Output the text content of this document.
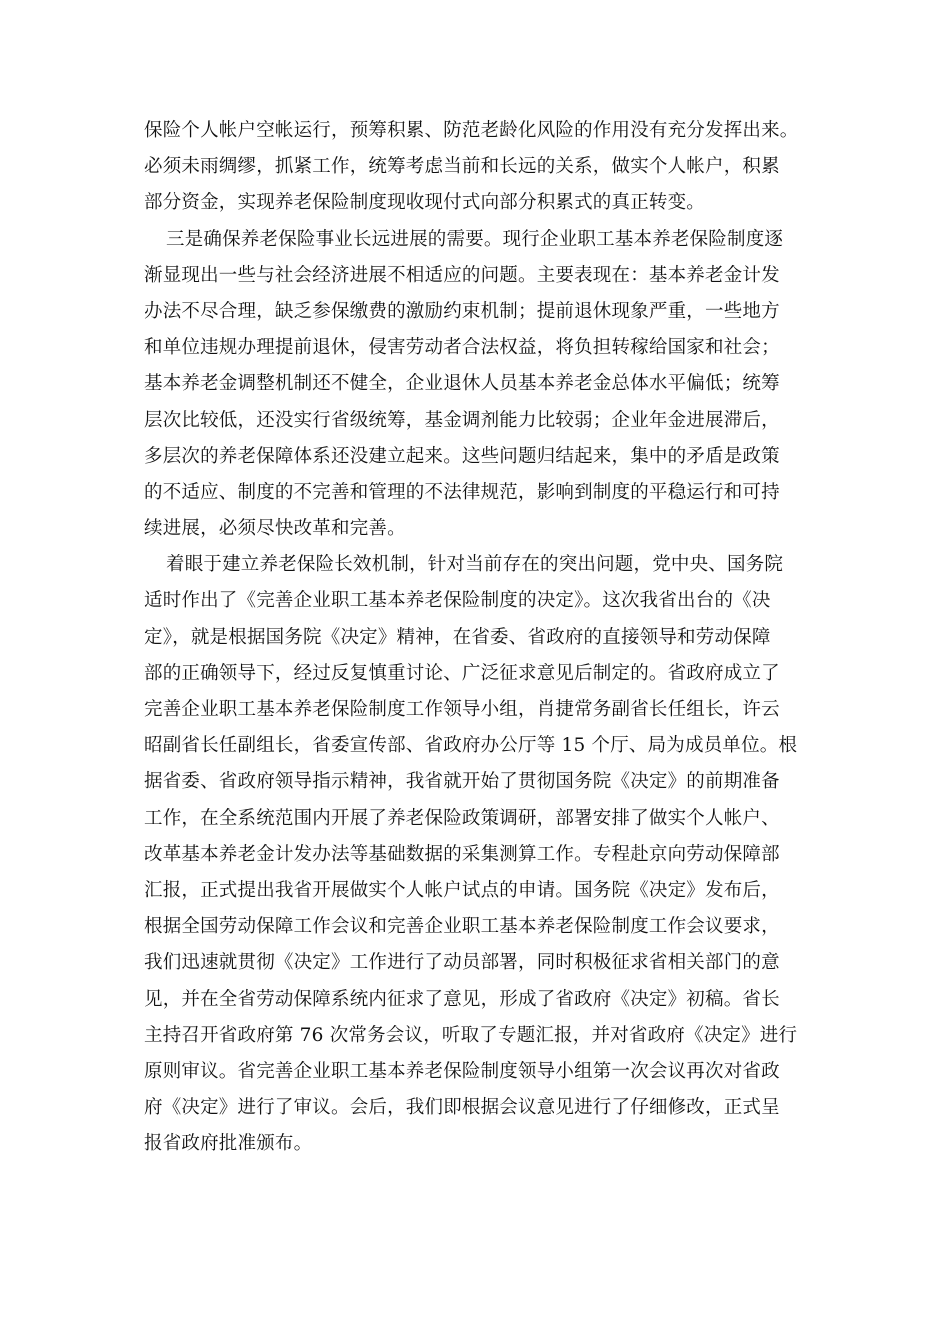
保险个人帐户空帐运行，预筹积累、防范老龄化风险的作用没有充分发挥出来。
必须未雨绸缪，抓紧工作，统筹考虑当前和长远的关系，做实个人帐户，积累
部分资金，实现养老保险制度现收现付式向部分积累式的真正转变。
三是确保养老保险事业长远进展的需要。现行企业职工基本养老保险制度逐
渐显现出一些与社会经济进展不相适应的问题。主要表现在：基本养老金计发
办法不尽合理，缺乏参保缴费的激励约束机制；提前退休现象严重，一些地方
和单位违规办理提前退休，侵害劳动者合法权益，将负担转稼给国家和社会；
基本养老金调整机制还不健全，企业退休人员基本养老金总体水平偏低；统筹
层次比较低，还没实行省级统筹，基金调剂能力比较弱；企业年金进展滞后，
多层次的养老保障体系还没建立起来。这些问题归结起来，集中的矛盾是政策
的不适应、制度的不完善和管理的不法律规范，影响到制度的平稳运行和可持
续进展，必须尽快改革和完善。
着眼于建立养老保险长效机制，针对当前存在的突出问题，党中央、国务院
适时作出了《完善企业职工基本养老保险制度的决定》。这次我省出台的《决
定》，就是根据国务院《决定》精神，在省委、省政府的直接领导和劳动保障
部的正确领导下，经过反复慎重讨论、广泛征求意见后制定的。省政府成立了
完善企业职工基本养老保险制度工作领导小组，肖捷常务副省长任组长，许云
昭副省长任副组长，省委宣传部、省政府办公厅等 15 个厅、局为成员单位。根
据省委、省政府领导指示精神，我省就开始了贯彻国务院《决定》的前期准备
工作，在全系统范围内开展了养老保险政策调研，部署安排了做实个人帐户、
改革基本养老金计发办法等基础数据的采集测算工作。专程赴京向劳动保障部
汇报，正式提出我省开展做实个人帐户试点的申请。国务院《决定》发布后，
根据全国劳动保障工作会议和完善企业职工基本养老保险制度工作会议要求，
我们迅速就贯彻《决定》工作进行了动员部署，同时积极征求省相关部门的意
见，并在全省劳动保障系统内征求了意见，形成了省政府《决定》初稿。省长
主持召开省政府第 76 次常务会议，听取了专题汇报，并对省政府《决定》进行
原则审议。省完善企业职工基本养老保险制度领导小组第一次会议再次对省政
府《决定》进行了审议。会后，我们即根据会议意见进行了仔细修改，正式呈
报省政府批准颁布。
